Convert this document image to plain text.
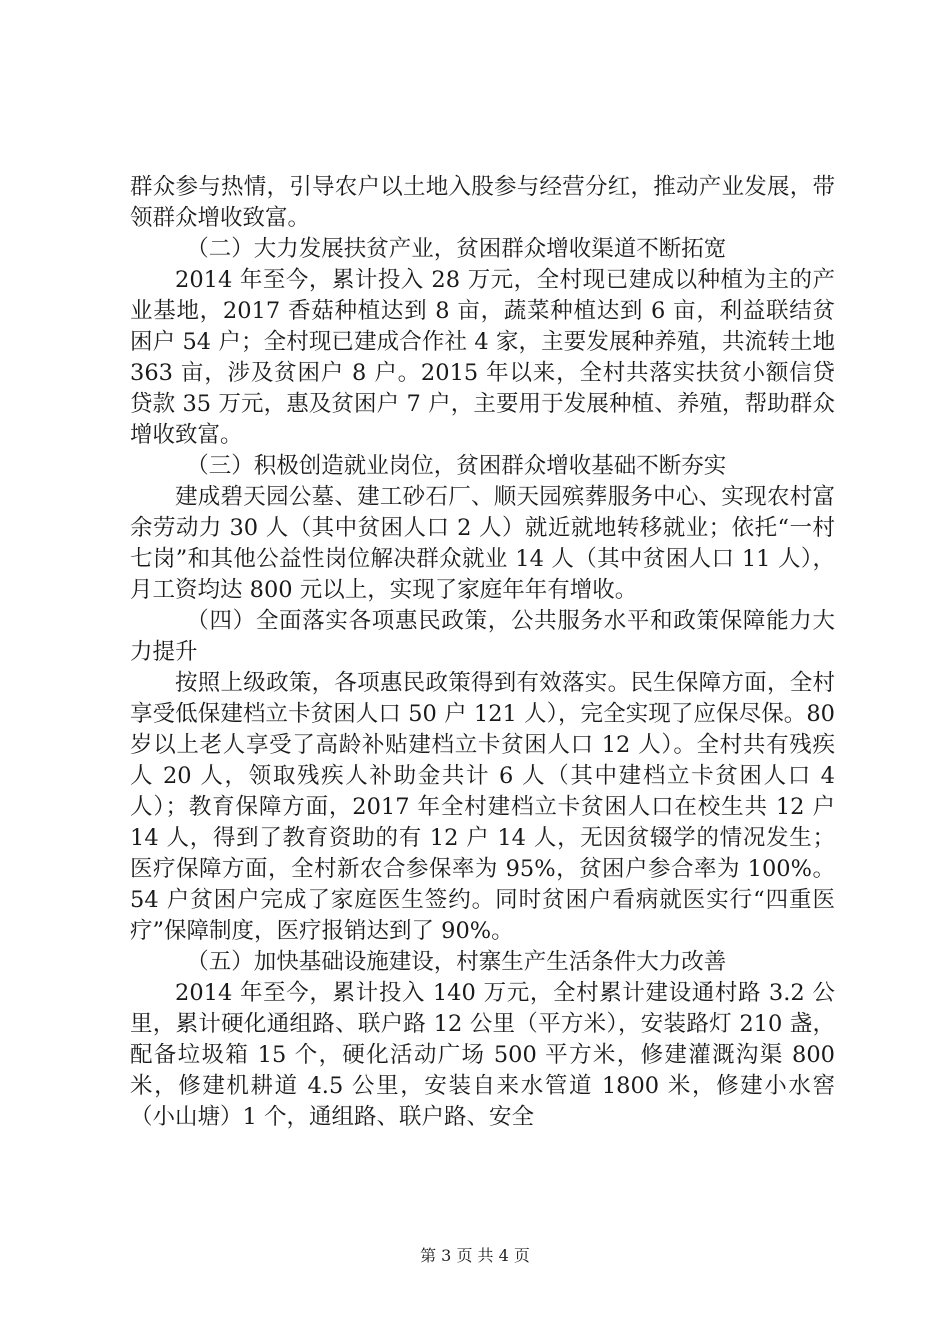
群众参与热情，引导农户以土地入股参与经营分红，推动产业发展，带领群众增收致富。

（二）大力发展扶贫产业，贫困群众增收渠道不断拓宽

2014 年至今，累计投入 28 万元，全村现已建成以种植为主的产业基地，2017 香菇种植达到 8 亩，蔬菜种植达到 6 亩，利益联结贫困户 54 户；全村现已建成合作社 4 家，主要发展种养殖，共流转土地 363 亩，涉及贫困户 8 户。2015 年以来，全村共落实扶贫小额信贷贷款 35 万元，惠及贫困户 7 户，主要用于发展种植、养殖，帮助群众增收致富。

（三）积极创造就业岗位，贫困群众增收基础不断夯实

建成碧天园公墓、建工砂石厂、顺天园殡葬服务中心、实现农村富余劳动力 30 人（其中贫困人口 2 人）就近就地转移就业；依托“一村七岗”和其他公益性岗位解决群众就业 14 人（其中贫困人口 11 人），月工资均达 800 元以上，实现了家庭年年有增收。

（四）全面落实各项惠民政策，公共服务水平和政策保障能力大力提升

按照上级政策，各项惠民政策得到有效落实。民生保障方面，全村享受低保建档立卡贫困人口 50 户 121 人），完全实现了应保尽保。80 岁以上老人享受了高龄补贴建档立卡贫困人口 12 人）。全村共有残疾人 20 人，领取残疾人补助金共计 6 人（其中建档立卡贫困人口 4 人）；教育保障方面，2017 年全村建档立卡贫困人口在校生共 12 户 14 人，得到了教育资助的有 12 户 14 人，无因贫辍学的情况发生；医疗保障方面，全村新农合参保率为 95%，贫困户参合率为 100%。54 户贫困户完成了家庭医生签约。同时贫困户看病就医实行“四重医疗”保障制度，医疗报销达到了 90%。

（五）加快基础设施建设，村寨生产生活条件大力改善

2014 年至今，累计投入 140 万元，全村累计建设通村路 3.2 公里，累计硬化通组路、联户路 12 公里（平方米），安装路灯 210 盏，配备垃圾箱 15 个，硬化活动广场 500 平方米，修建灌溉沟渠 800 米，修建机耕道 4.5 公里，安装自来水管道 1800 米，修建小水窖（小山塘）1 个，通组路、联户路、安全

第 3 页 共 4 页
